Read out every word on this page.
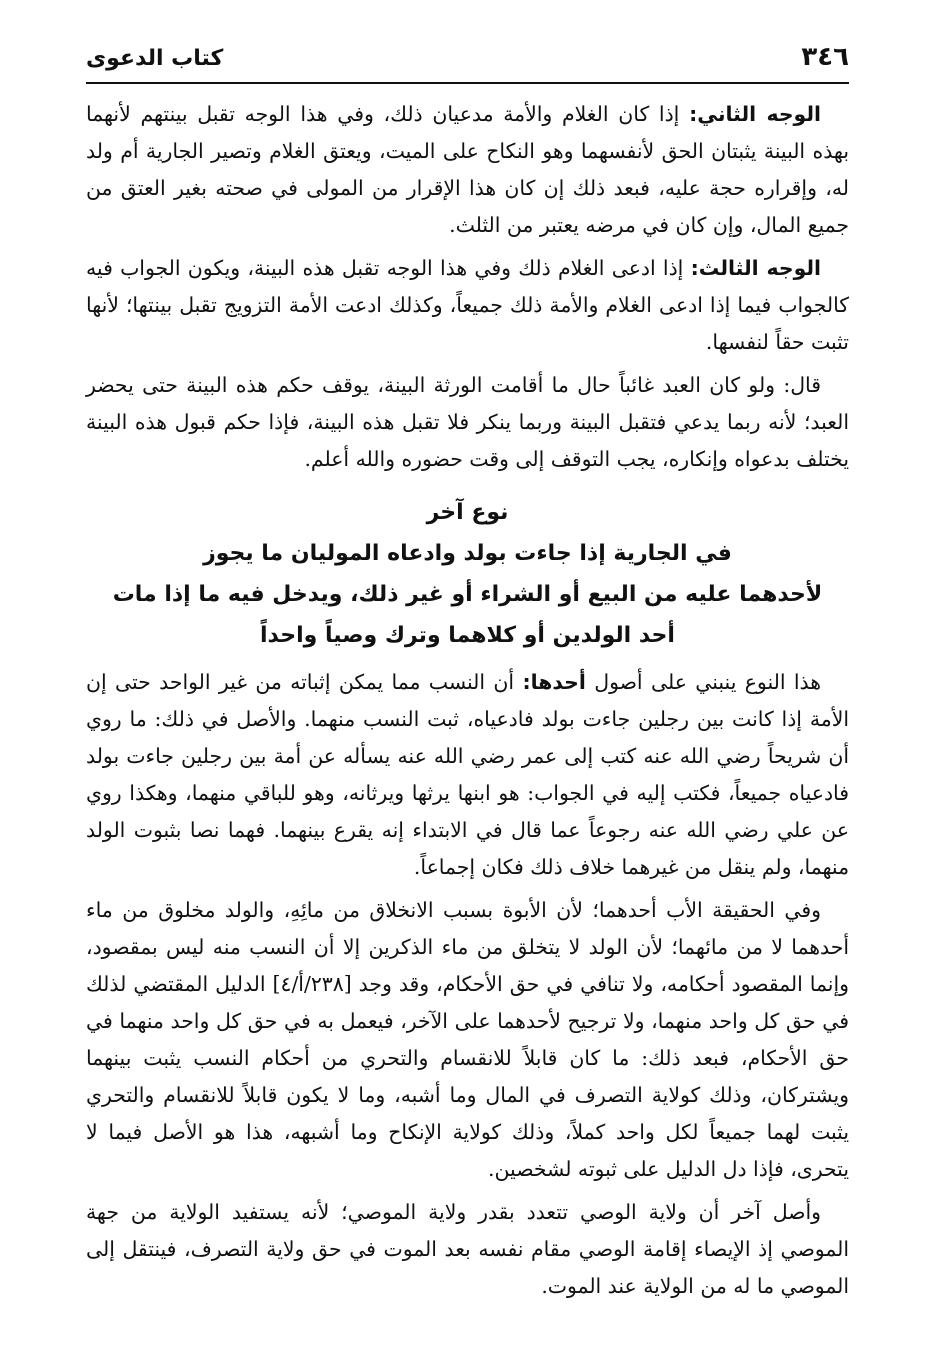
٣٤٦
كتاب الدعوى

الوجه الثاني: إذا كان الغلام والأمة مدعيان ذلك، وفي هذا الوجه تقبل بينتهم لأنهما بهذه البينة يثبتان الحق لأنفسهما وهو النكاح على الميت، ويعتق الغلام وتصير الجارية أم ولد له، وإقراره حجة عليه، فبعد ذلك إن كان هذا الإقرار من المولى في صحته بغير العتق من جميع المال، وإن كان في مرضه يعتبر من الثلث.

الوجه الثالث: إذا ادعى الغلام ذلك وفي هذا الوجه تقبل هذه البينة، ويكون الجواب فيه كالجواب فيما إذا ادعى الغلام والأمة ذلك جميعاً، وكذلك ادعت الأمة التزويج تقبل بينتها؛ لأنها تثبت حقاً لنفسها.

قال: ولو كان العبد غائباً حال ما أقامت الورثة البينة، يوقف حكم هذه البينة حتى يحضر العبد؛ لأنه ربما يدعي فتقبل البينة وربما ينكر فلا تقبل هذه البينة، فإذا حكم قبول هذه البينة يختلف بدعواه وإنكاره، يجب التوقف إلى وقت حضوره والله أعلم.

نوع آخر
في الجارية إذا جاءت بولد وادعاه الموليان ما يجوز
لأحدهما عليه من البيع أو الشراء أو غير ذلك، ويدخل فيه ما إذا مات
أحد الولدين أو كلاهما وترك وصياً واحداً

هذا النوع ينبني على أصول أحدها: أن النسب مما يمكن إثباته من غير الواحد حتى إن الأمة إذا كانت بين رجلين جاءت بولد فادعياه، ثبت النسب منهما. والأصل في ذلك: ما روي أن شريحاً رضي الله عنه كتب إلى عمر رضي الله عنه يسأله عن أمة بين رجلين جاءت بولد فادعياه جميعاً، فكتب إليه في الجواب: هو ابنها يرثها ويرثانه، وهو للباقي منهما، وهكذا روي عن علي رضي الله عنه رجوعاً عما قال في الابتداء إنه يقرع بينهما. فهما نصا بثبوت الولد منهما، ولم ينقل من غيرهما خلاف ذلك فكان إجماعاً.

وفي الحقيقة الأب أحدهما؛ لأن الأبوة بسبب الانخلاق من مائِهِ، والولد مخلوق من ماء أحدهما لا من مائهما؛ لأن الولد لا يتخلق من ماء الذكرين إلا أن النسب منه ليس بمقصود، وإنما المقصود أحكامه، ولا تنافي في حق الأحكام، وقد وجد [٢٣٨/أ/٤] الدليل المقتضي لذلك في حق كل واحد منهما، ولا ترجيح لأحدهما على الآخر، فيعمل به في حق كل واحد منهما في حق الأحكام، فبعد ذلك: ما كان قابلاً للانقسام والتحري من أحكام النسب يثبت بينهما ويشتركان، وذلك كولاية التصرف في المال وما أشبه، وما لا يكون قابلاً للانقسام والتحري يثبت لهما جميعاً لكل واحد كملاً، وذلك كولاية الإنكاح وما أشبهه، هذا هو الأصل فيما لا يتحرى، فإذا دل الدليل على ثبوته لشخصين.

وأصل آخر أن ولاية الوصي تتعدد بقدر ولاية الموصي؛ لأنه يستفيد الولاية من جهة الموصي إذ الإيصاء إقامة الوصي مقام نفسه بعد الموت في حق ولاية التصرف، فينتقل إلى الموصي ما له من الولاية عند الموت.
